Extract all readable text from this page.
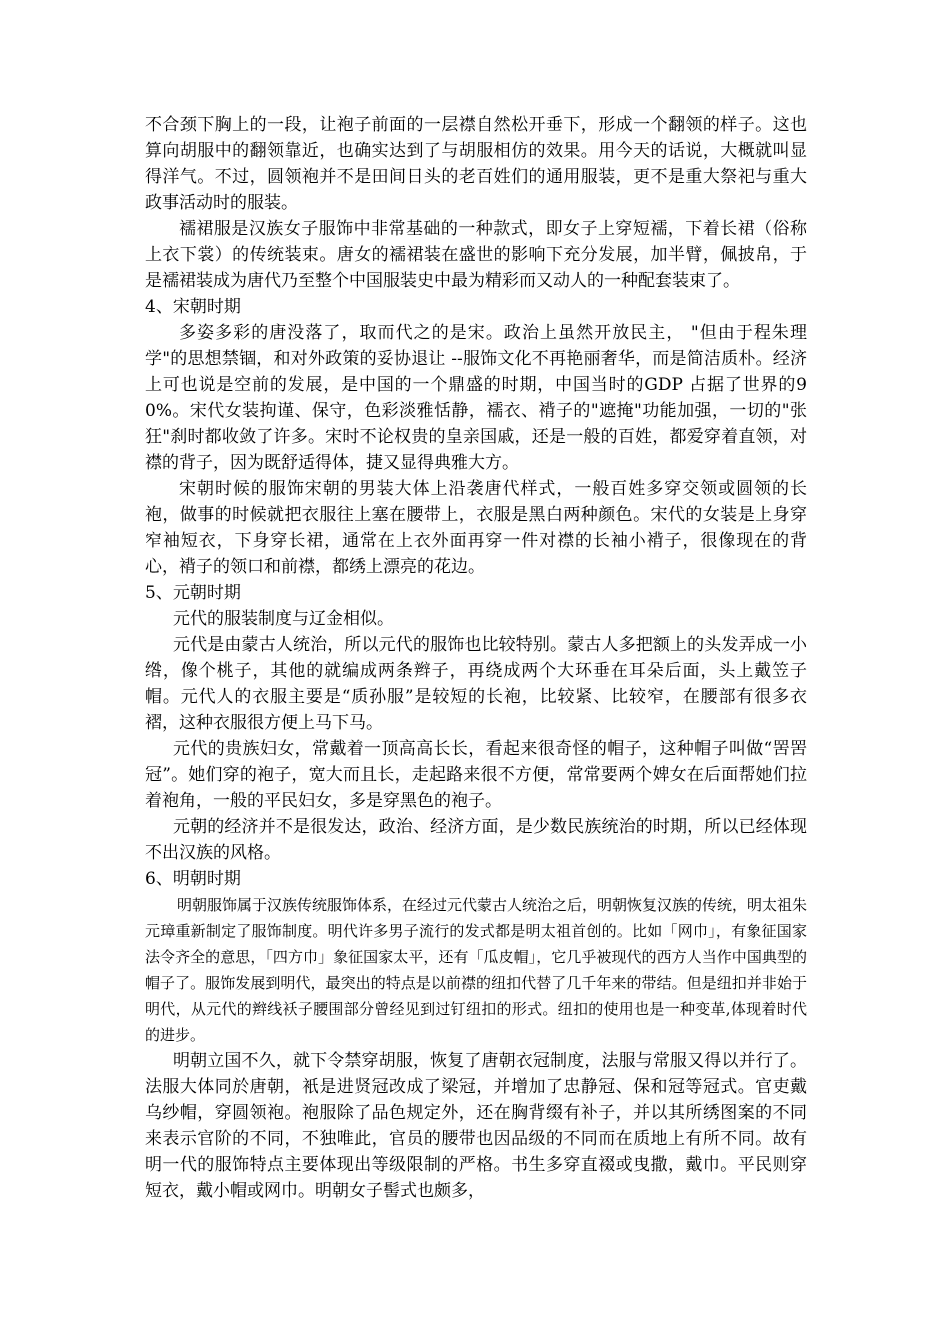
不合颈下胸上的一段，让袍子前面的一层襟自然松开垂下，形成一个翻领的样子。这也算向胡服中的翻领靠近，也确实达到了与胡服相仿的效果。用今天的话说，大概就叫显得洋气。不过，圆领袍并不是田间日头的老百姓们的通用服装，更不是重大祭祀与重大政事活动时的服装。

襦裙服是汉族女子服饰中非常基础的一种款式，即女子上穿短襦，下着长裙（俗称上衣下裳）的传统装束。唐女的襦裙装在盛世的影响下充分发展，加半臂，佩披帛，于是襦裙装成为唐代乃至整个中国服装史中最为精彩而又动人的一种配套装束了。

4、宋朝时期

多姿多彩的唐没落了，取而代之的是宋。政治上虽然开放民主， "但由于程朱理学"的思想禁锢，和对外政策的妥协退让 --服饰文化不再艳丽奢华，而是简洁质朴。经济上可也说是空前的发展，是中国的一个鼎盛的时期，中国当时的GDP 占据了世界的90%。宋代女装拘谨、保守，色彩淡雅恬静，襦衣、褙子的"遮掩"功能加强，一切的"张狂"刹时都收敛了许多。宋时不论权贵的皇亲国戚，还是一般的百姓，都爱穿着直领，对襟的背子，因为既舒适得体，捷又显得典雅大方。

宋朝时候的服饰宋朝的男装大体上沿袭唐代样式，一般百姓多穿交领或圆领的长袍，做事的时候就把衣服往上塞在腰带上，衣服是黑白两种颜色。宋代的女装是上身穿窄袖短衣，下身穿长裙，通常在上衣外面再穿一件对襟的长袖小褙子，很像现在的背心，褙子的领口和前襟，都绣上漂亮的花边。

5、元朝时期

元代的服装制度与辽金相似。

元代是由蒙古人统治，所以元代的服饰也比较特别。蒙古人多把额上的头发弄成一小绺，像个桃子，其他的就编成两条辫子，再绕成两个大环垂在耳朵后面，头上戴笠子帽。元代人的衣服主要是“质孙服”是较短的长袍，比较紧、比较窄，在腰部有很多衣褶，这种衣服很方便上马下马。

元代的贵族妇女，常戴着一顶高高长长，看起来很奇怪的帽子，这种帽子叫做“罟罟冠”。她们穿的袍子，宽大而且长，走起路来很不方便，常常要两个婢女在后面帮她们拉着袍角，一般的平民妇女，多是穿黑色的袍子。

元朝的经济并不是很发达，政治、经济方面，是少数民族统治的时期，所以已经体现不出汉族的风格。

6、明朝时期

明朝服饰属于汉族传统服饰体系，在经过元代蒙古人统治之后，明朝恢复汉族的传统，明太祖朱元璋重新制定了服饰制度。明代许多男子流行的发式都是明太祖首创的。比如「网巾」，有象征国家法令齐全的意思，「四方巾」象征国家太平，还有「瓜皮帽」，它几乎被现代的西方人当作中国典型的帽子了。服饰发展到明代，最突出的特点是以前襟的纽扣代替了几千年来的带结。但是纽扣并非始于明代，从元代的辫线袄子腰围部分曾经见到过钉纽扣的形式。纽扣的使用也是一种变革,体现着时代的进步。

明朝立国不久，就下令禁穿胡服，恢复了唐朝衣冠制度，法服与常服又得以并行了。法服大体同於唐朝，衹是进贤冠改成了梁冠，并增加了忠静冠、保和冠等冠式。官吏戴乌纱帽，穿圆领袍。袍服除了品色规定外，还在胸背缀有补子，并以其所绣图案的不同来表示官阶的不同，不独唯此，官员的腰带也因品级的不同而在质地上有所不同。故有明一代的服饰特点主要体现出等级限制的严格。书生多穿直裰或曳撒，戴巾。平民则穿短衣，戴小帽或网巾。明朝女子髻式也颇多，
